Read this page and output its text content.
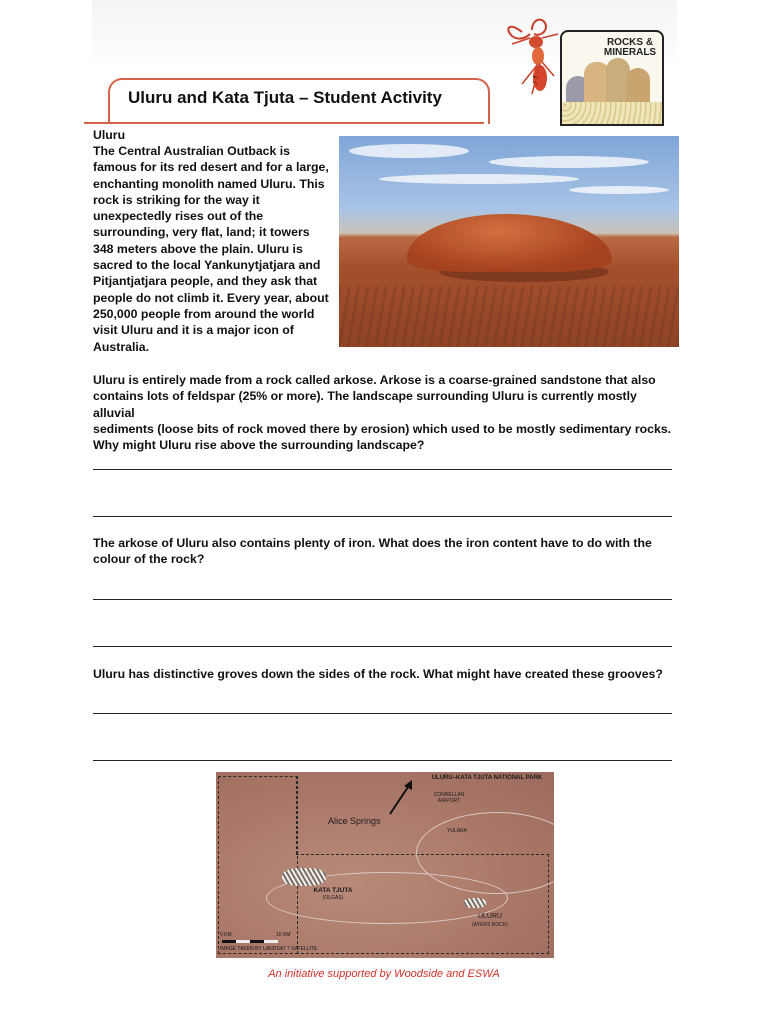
Uluru and Kata Tjuta – Student Activity
ROCKS &
MINERALS
Uluru
The Central Australian Outback is
famous for its red desert and for a large,
enchanting monolith named Uluru. This
rock is striking for the way it
unexpectedly rises out of the
surrounding, very flat, land; it towers
348 meters above the plain. Uluru is
sacred to the local Yankunytjatjara and
Pitjantjatjara people, and they ask that
people do not climb it. Every year, about
250,000 people from around the world
visit Uluru and it is a major icon of
Australia.
Uluru is entirely made from a rock called arkose. Arkose is a coarse-grained sandstone that also
contains lots of feldspar (25% or more). The landscape surrounding Uluru is currently mostly alluvial
sediments (loose bits of rock moved there by erosion) which used to be mostly sedimentary rocks.
Why might Uluru rise above the surrounding landscape?
The arkose of Uluru also contains plenty of iron. What does the iron content have to do with the
colour of the rock?
Uluru has distinctive groves down the sides of the rock. What might have created these grooves?
ULURU–KATA TJUTA NATIONAL PARK
Alice Springs
CONNELLAN
AIRPORT
YULARA
KATA TJUTA
(OLGAS)
ULURU
(AYERS ROCK)
0 KM	10 KM
IMAGE TAKEN BY LANDSAT 7 SATELLITE
An initiative supported by Woodside and ESWA
